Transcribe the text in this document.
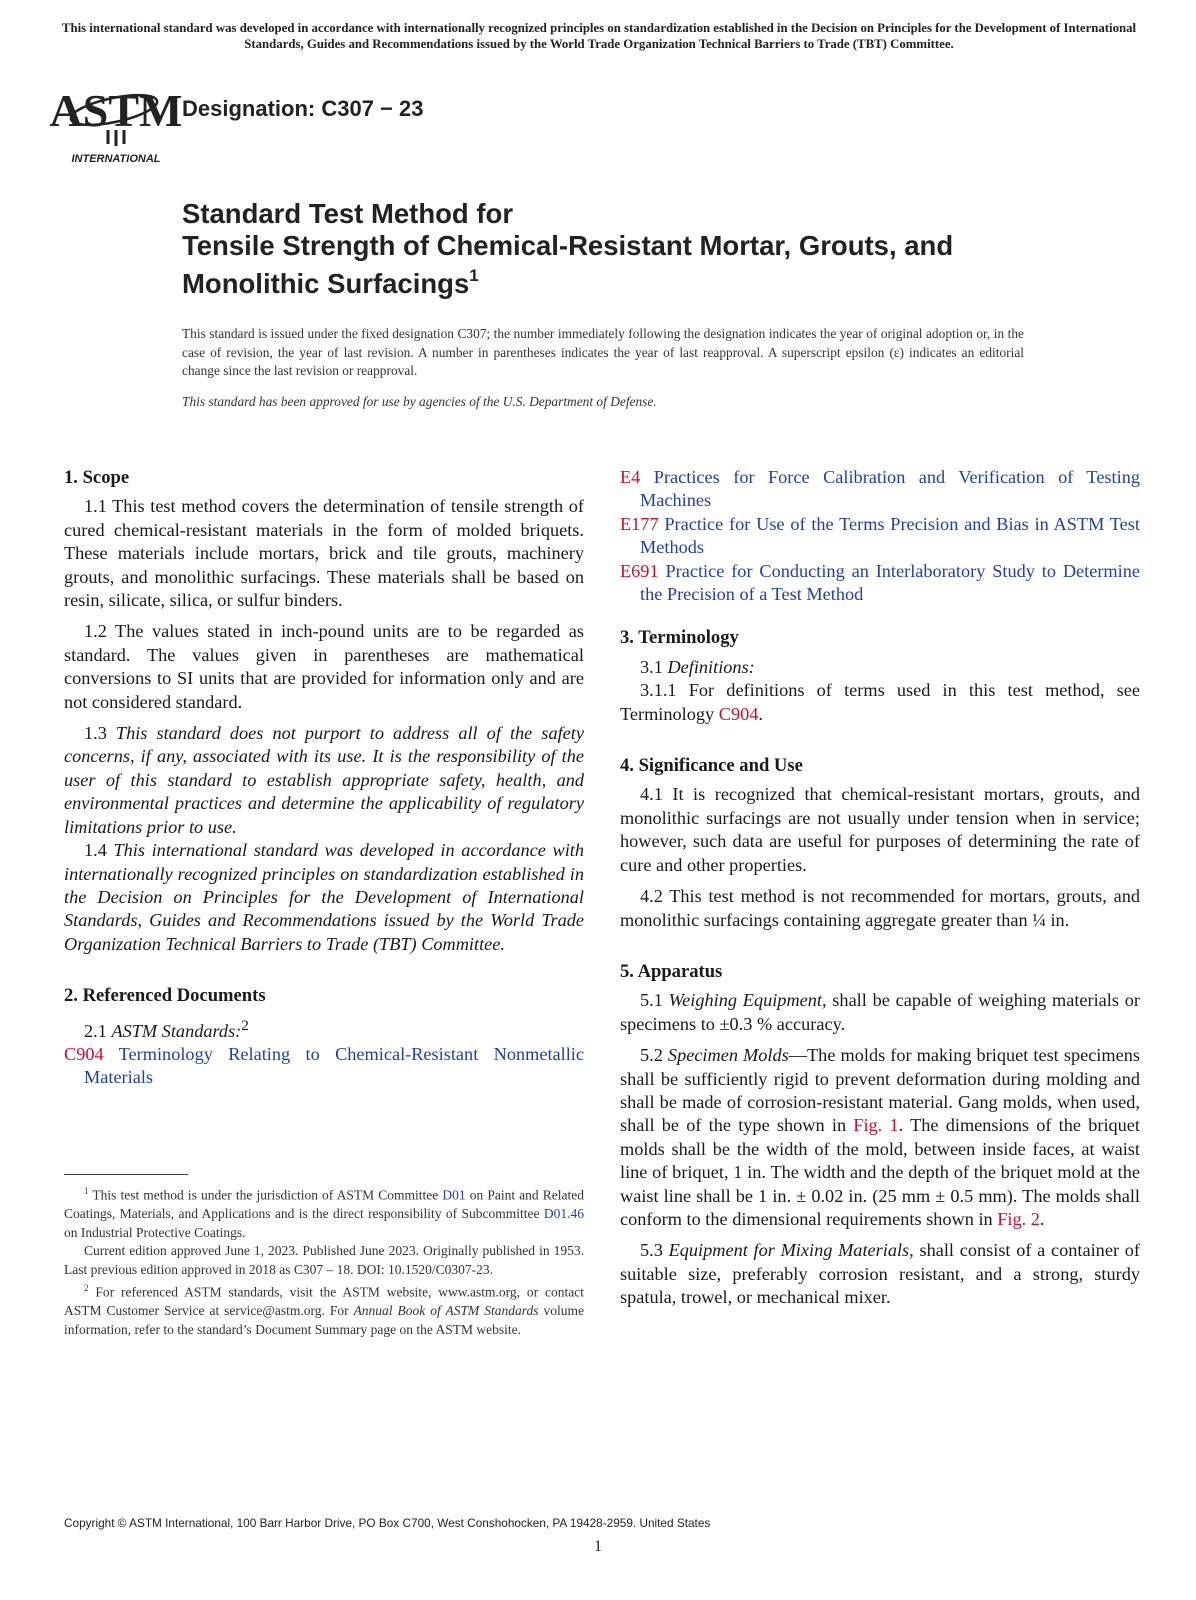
This international standard was developed in accordance with internationally recognized principles on standardization established in the Decision on Principles for the Development of International Standards, Guides and Recommendations issued by the World Trade Organization Technical Barriers to Trade (TBT) Committee.
ASTM
INTERNATIONAL
Designation: C307 − 23
Standard Test Method for
Tensile Strength of Chemical-Resistant Mortar, Grouts, and
Monolithic Surfacings$^1$
This standard is issued under the fixed designation C307; the number immediately following the designation indicates the year of original adoption or, in the case of revision, the year of last revision. A number in parentheses indicates the year of last reapproval. A superscript epsilon (ε) indicates an editorial change since the last revision or reapproval.
This standard has been approved for use by agencies of the U.S. Department of Defense.
1. Scope

1.1 This test method covers the determination of tensile strength of cured chemical-resistant materials in the form of molded briquets. These materials include mortars, brick and tile grouts, machinery grouts, and monolithic surfacings. These materials shall be based on resin, silicate, silica, or sulfur binders.

1.2 The values stated in inch-pound units are to be regarded as standard. The values given in parentheses are mathematical conversions to SI units that are provided for information only and are not considered standard.

1.3 This standard does not purport to address all of the safety concerns, if any, associated with its use. It is the responsibility of the user of this standard to establish appropriate safety, health, and environmental practices and determine the applicability of regulatory limitations prior to use.

1.4 This international standard was developed in accordance with internationally recognized principles on standardization established in the Decision on Principles for the Development of International Standards, Guides and Recommendations issued by the World Trade Organization Technical Barriers to Trade (TBT) Committee.

2. Referenced Documents

2.1 ASTM Standards:$^2$

C904 Terminology Relating to Chemical-Resistant Nonmetallic Materials

E4 Practices for Force Calibration and Verification of Testing Machines

E177 Practice for Use of the Terms Precision and Bias in ASTM Test Methods

E691 Practice for Conducting an Interlaboratory Study to Determine the Precision of a Test Method

3. Terminology

3.1 Definitions:

3.1.1 For definitions of terms used in this test method, see Terminology C904.

4. Significance and Use

4.1 It is recognized that chemical-resistant mortars, grouts, and monolithic surfacings are not usually under tension when in service; however, such data are useful for purposes of determining the rate of cure and other properties.

4.2 This test method is not recommended for mortars, grouts, and monolithic surfacings containing aggregate greater than ¼ in.

5. Apparatus

5.1 Weighing Equipment, shall be capable of weighing materials or specimens to ±0.3 % accuracy.

5.2 Specimen Molds—The molds for making briquet test specimens shall be sufficiently rigid to prevent deformation during molding and shall be made of corrosion-resistant material. Gang molds, when used, shall be of the type shown in Fig. 1. The dimensions of the briquet molds shall be the width of the mold, between inside faces, at waist line of briquet, 1 in. The width and the depth of the briquet mold at the waist line shall be 1 in. ± 0.02 in. (25 mm ± 0.5 mm). The molds shall conform to the dimensional requirements shown in Fig. 2.

5.3 Equipment for Mixing Materials, shall consist of a container of suitable size, preferably corrosion resistant, and a strong, sturdy spatula, trowel, or mechanical mixer.

$^1$ This test method is under the jurisdiction of ASTM Committee D01 on Paint and Related Coatings, Materials, and Applications and is the direct responsibility of Subcommittee D01.46 on Industrial Protective Coatings.

Current edition approved June 1, 2023. Published June 2023. Originally published in 1953. Last previous edition approved in 2018 as C307 – 18. DOI: 10.1520/C0307-23.

$^2$ For referenced ASTM standards, visit the ASTM website, www.astm.org, or contact ASTM Customer Service at service@astm.org. For Annual Book of ASTM Standards volume information, refer to the standard’s Document Summary page on the ASTM website.

Copyright © ASTM International, 100 Barr Harbor Drive, PO Box C700, West Conshohocken, PA 19428-2959. United States
1
